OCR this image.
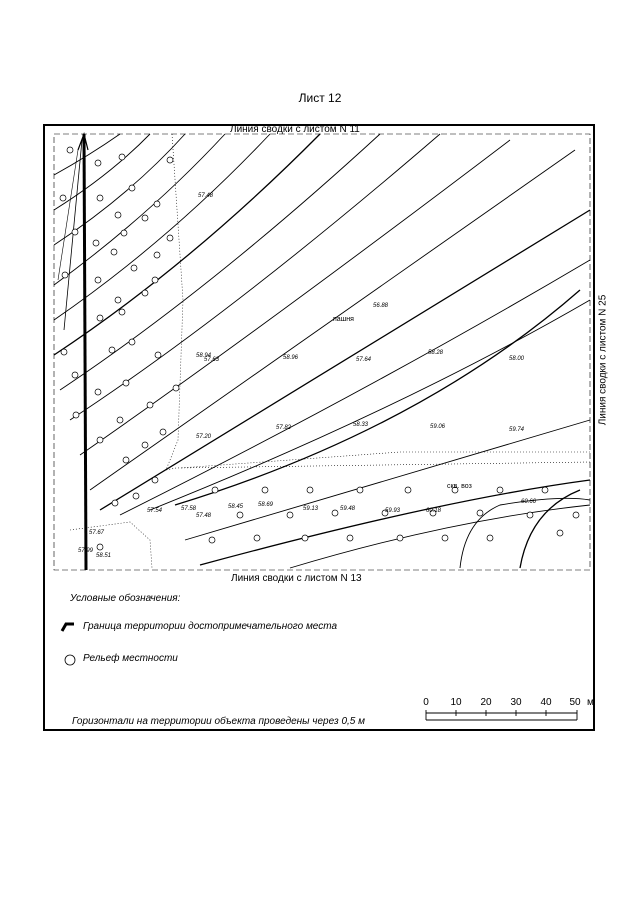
Лист 12
Линия сводки с листом N 11
Линия сводки с листом N 13
Линия сводки с листом N 25
пашня
скв. воз
57.48
56.88
58.94
57.63	58.96	57.64
58.28
58.00
57.20
57.82	58.33	59.06	59.74
57.54	57.58
57.48
58.45 58.69
59.13	59.48	59.93	60.18
60.66
57.67
57.99
58.51
Условные обозначения:
Граница территории достопримечательного места
Рельеф местности
0 10 20 30 40 50 м
Горизонтали на территории объекта проведены через 0,5 м
